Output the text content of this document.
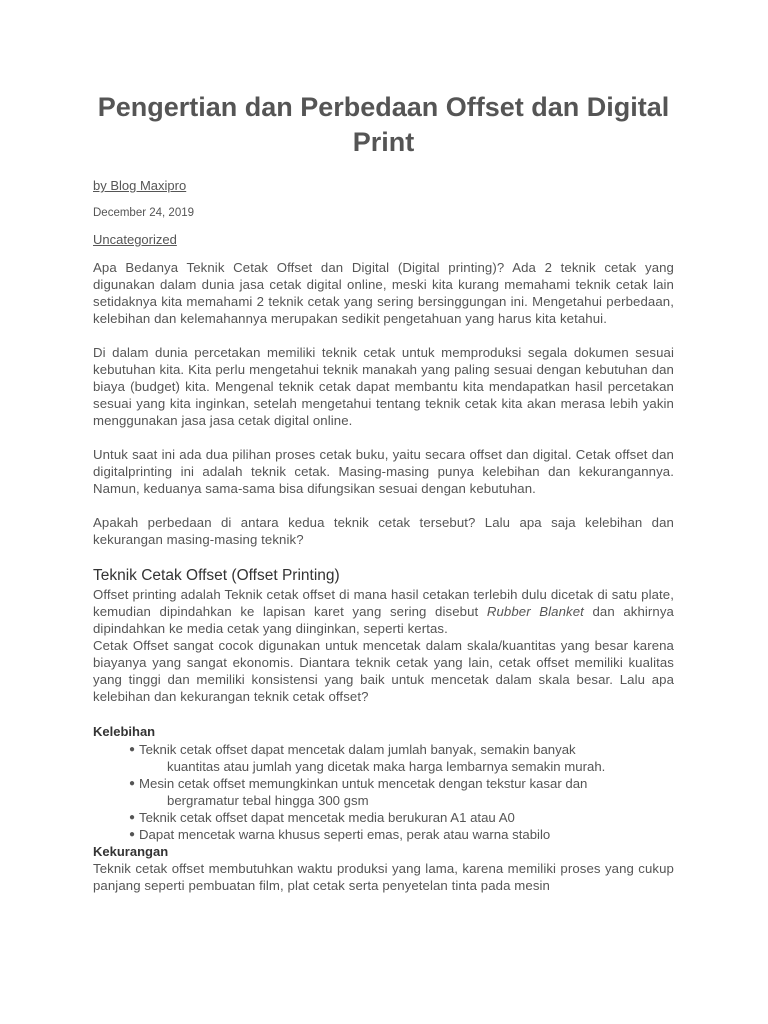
Pengertian dan Perbedaan Offset dan Digital Print
by Blog Maxipro
December 24, 2019
Uncategorized

Apa Bedanya Teknik Cetak Offset dan Digital (Digital printing)? Ada 2 teknik cetak yang digunakan dalam dunia jasa cetak digital online, meski kita kurang memahami teknik cetak lain setidaknya kita memahami 2 teknik cetak yang sering bersinggungan ini. Mengetahui perbedaan, kelebihan dan kelemahannya merupakan sedikit pengetahuan yang harus kita ketahui.

Di dalam dunia percetakan memiliki teknik cetak untuk memproduksi segala dokumen sesuai kebutuhan kita. Kita perlu mengetahui teknik manakah yang paling sesuai dengan kebutuhan dan biaya (budget) kita. Mengenal teknik cetak dapat membantu kita mendapatkan hasil percetakan sesuai yang kita inginkan, setelah mengetahui tentang teknik cetak kita akan merasa lebih yakin menggunakan jasa jasa cetak digital online.

Untuk saat ini ada dua pilihan proses cetak buku, yaitu secara offset dan digital. Cetak offset dan digitalprinting ini adalah teknik cetak. Masing-masing punya kelebihan dan kekurangannya. Namun, keduanya sama-sama bisa difungsikan sesuai dengan kebutuhan.

Apakah perbedaan di antara kedua teknik cetak tersebut? Lalu apa saja kelebihan dan kekurangan masing-masing teknik?

Teknik Cetak Offset (Offset Printing)

Offset printing adalah Teknik cetak offset di mana hasil cetakan terlebih dulu dicetak di satu plate, kemudian dipindahkan ke lapisan karet yang sering disebut Rubber Blanket dan akhirnya dipindahkan ke media cetak yang diinginkan, seperti kertas.

Cetak Offset sangat cocok digunakan untuk mencetak dalam skala/kuantitas yang besar karena biayanya yang sangat ekonomis. Diantara teknik cetak yang lain, cetak offset memiliki kualitas yang tinggi dan memiliki konsistensi yang baik untuk mencetak dalam skala besar. Lalu apa kelebihan dan kekurangan teknik cetak offset?

Kelebihan
● Teknik cetak offset dapat mencetak dalam jumlah banyak, semakin banyak
kuantitas atau jumlah yang dicetak maka harga lembarnya semakin murah.
● Mesin cetak offset memungkinkan untuk mencetak dengan tekstur kasar dan
bergramatur tebal hingga 300 gsm
● Teknik cetak offset dapat mencetak media berukuran A1 atau A0
● Dapat mencetak warna khusus seperti emas, perak atau warna stabilo
Kekurangan

Teknik cetak offset membutuhkan waktu produksi yang lama, karena memiliki proses yang cukup panjang seperti pembuatan film, plat cetak serta penyetelan tinta pada mesin
